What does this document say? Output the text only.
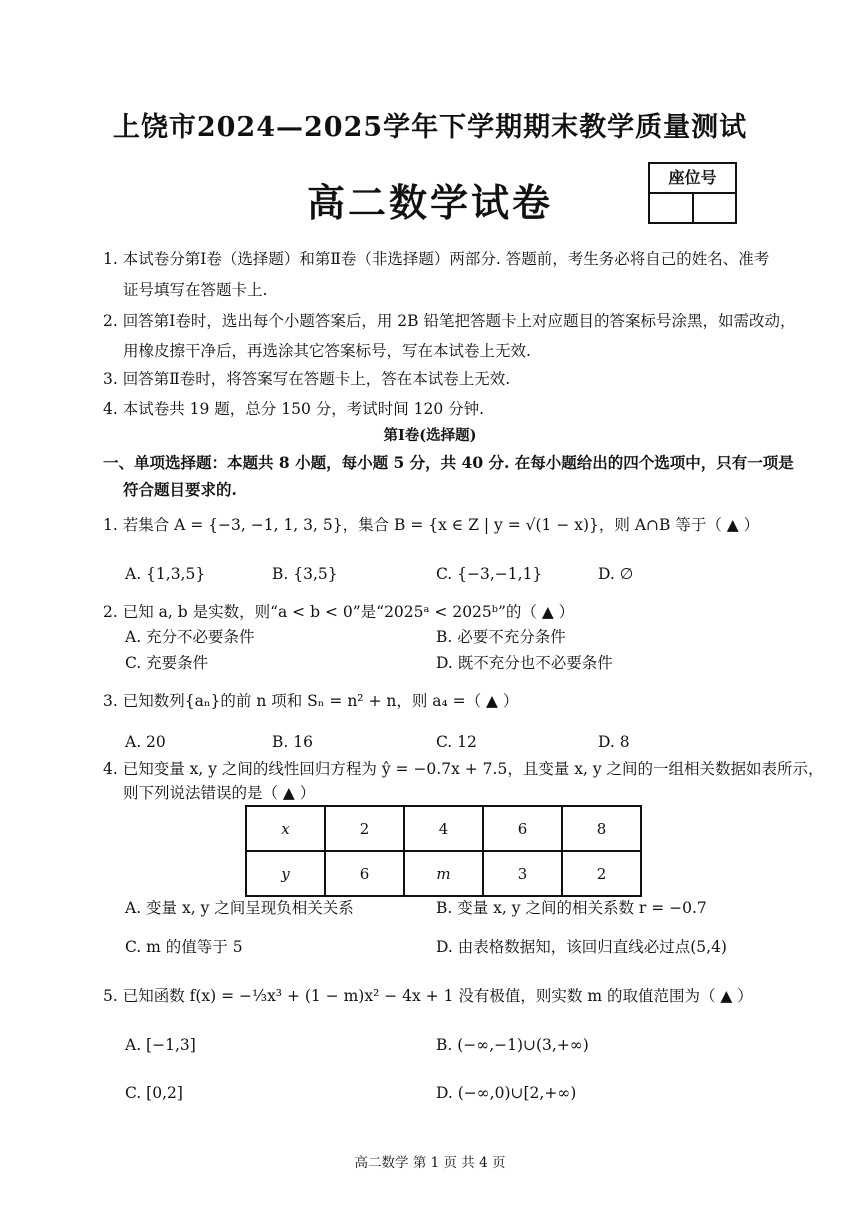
上饶市2024—2025学年下学期期末教学质量测试
高二数学试卷
座位号
1. 本试卷分第Ⅰ卷（选择题）和第Ⅱ卷（非选择题）两部分. 答题前，考生务必将自己的姓名、准考
证号填写在答题卡上.
2. 回答第Ⅰ卷时，选出每个小题答案后，用 2B 铅笔把答题卡上对应题目的答案标号涂黑，如需改动，
用橡皮擦干净后，再选涂其它答案标号，写在本试卷上无效.
3. 回答第Ⅱ卷时，将答案写在答题卡上，答在本试卷上无效.
4. 本试卷共 19 题，总分 150 分，考试时间 120 分钟.
第Ⅰ卷(选择题)
一、单项选择题：本题共 8 小题，每小题 5 分，共 40 分. 在每小题给出的四个选项中，只有一项是
符合题目要求的.
1. 若集合 A = {−3, −1, 1, 3, 5}，集合 B = {x ∈ Z | y = √(1 − x)}，则 A∩B 等于（ ▲ ）
A. {1,3,5}	B. {3,5}	C. {−3,−1,1}	D. ∅
2. 已知 a, b 是实数，则“a < b < 0”是“2025ᵃ < 2025ᵇ”的（ ▲ ）
A. 充分不必要条件	B. 必要不充分条件
C. 充要条件	D. 既不充分也不必要条件
3. 已知数列{aₙ}的前 n 项和 Sₙ = n² + n，则 a₄ =（ ▲ ）
A. 20	B. 16	C. 12	D. 8
4. 已知变量 x, y 之间的线性回归方程为 ŷ = −0.7x + 7.5，且变量 x, y 之间的一组相关数据如表所示，
则下列说法错误的是（ ▲ ）
x	2	4	6	8
y	6	m	3	2
A. 变量 x, y 之间呈现负相关关系	B. 变量 x, y 之间的相关系数 r = −0.7
C. m 的值等于 5	D. 由表格数据知，该回归直线必过点(5,4)
5. 已知函数 f(x) = −⅓x³ + (1 − m)x² − 4x + 1 没有极值，则实数 m 的取值范围为（ ▲ ）
A. [−1,3]	B. (−∞,−1)∪(3,+∞)
C. [0,2]	D. (−∞,0)∪[2,+∞)
高二数学 第 1 页 共 4 页
